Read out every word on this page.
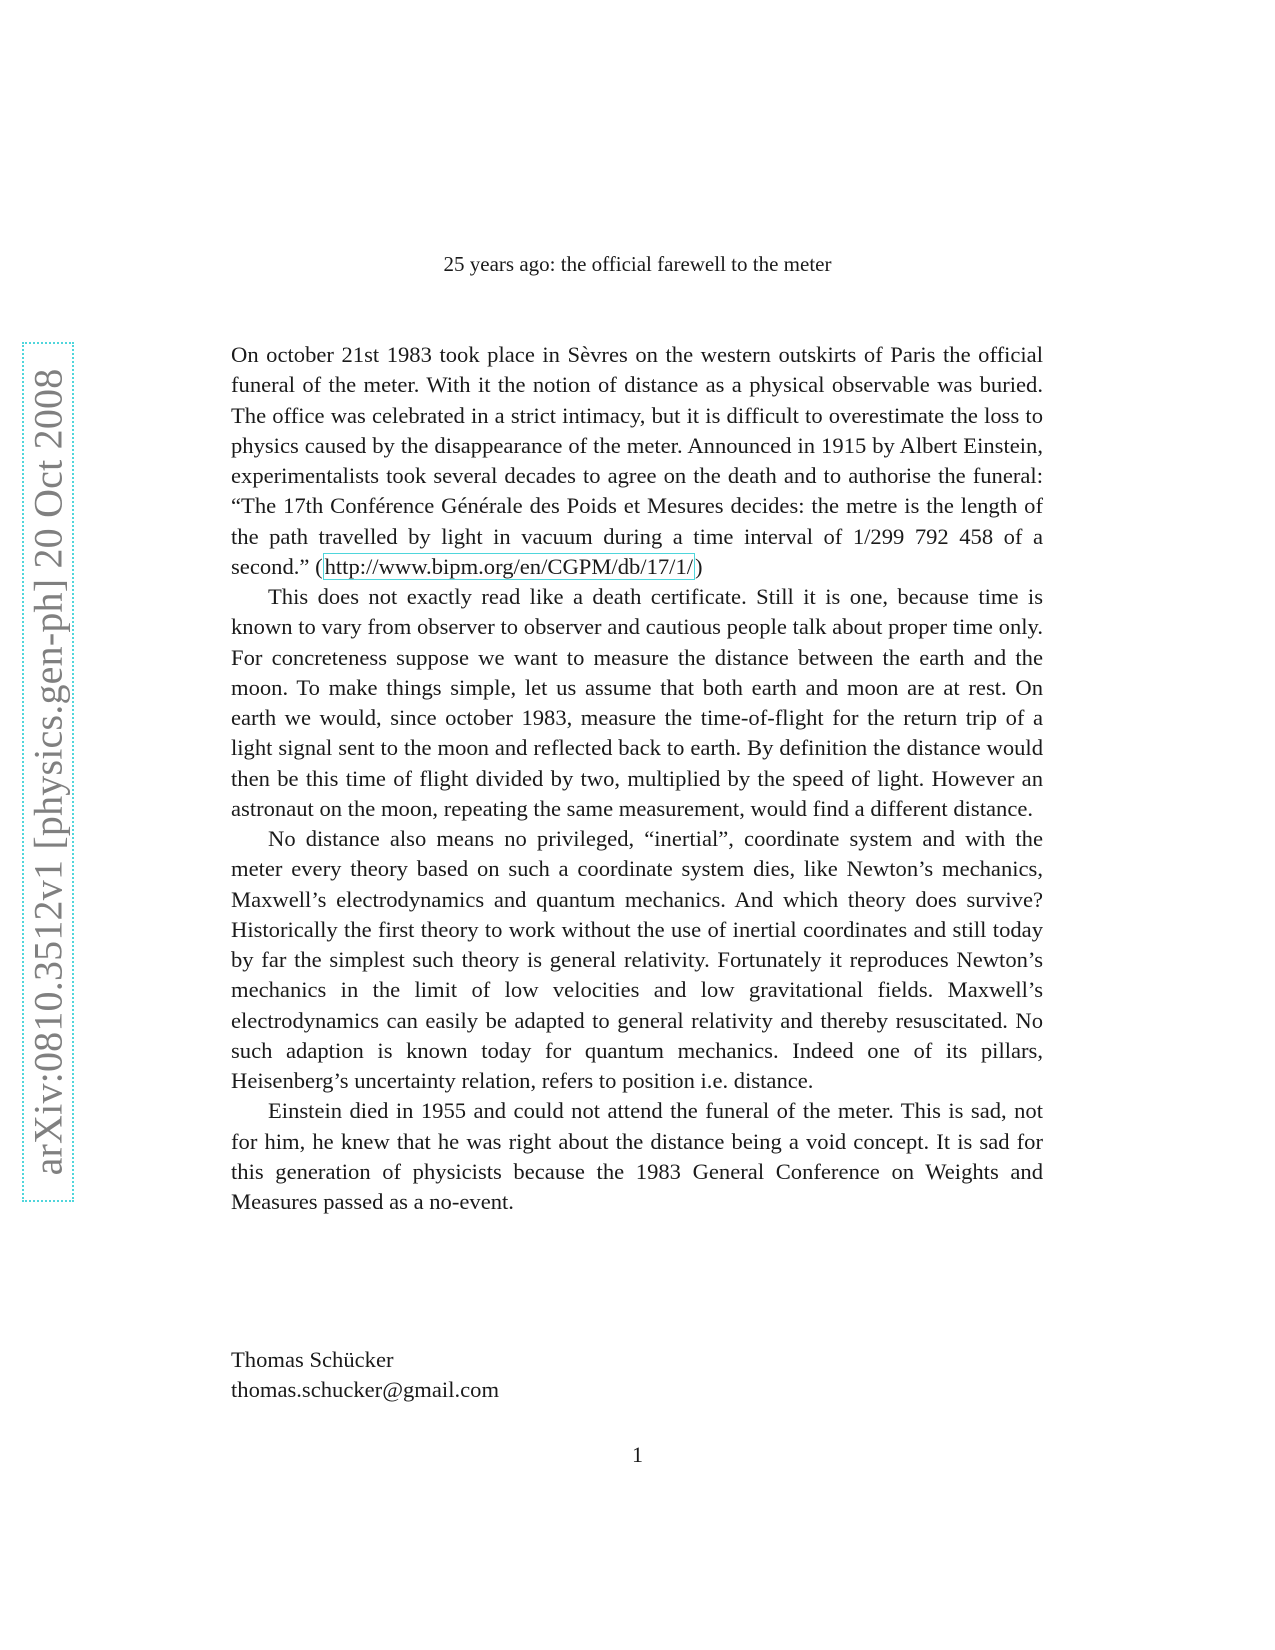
arXiv:0810.3512v1 [physics.gen-ph] 20 Oct 2008
25 years ago: the official farewell to the meter

On october 21st 1983 took place in Sèvres on the western outskirts of Paris the official funeral of the meter. With it the notion of distance as a physical observable was buried. The office was celebrated in a strict intimacy, but it is difficult to overestimate the loss to physics caused by the disappearance of the meter. Announced in 1915 by Albert Einstein, experimentalists took several decades to agree on the death and to authorise the funeral: “The 17th Conférence Générale des Poids et Mesures decides: the metre is the length of the path travelled by light in vacuum during a time interval of 1/299 792 458 of a second.” (http://www.bipm.org/en/CGPM/db/17/1/)

This does not exactly read like a death certificate. Still it is one, because time is known to vary from observer to observer and cautious people talk about proper time only. For concreteness suppose we want to measure the distance between the earth and the moon. To make things simple, let us assume that both earth and moon are at rest. On earth we would, since october 1983, measure the time-of-flight for the return trip of a light signal sent to the moon and reflected back to earth. By definition the distance would then be this time of flight divided by two, multiplied by the speed of light. However an astronaut on the moon, repeating the same measurement, would find a different distance.

No distance also means no privileged, “inertial”, coordinate system and with the meter every theory based on such a coordinate system dies, like Newton’s mechanics, Maxwell’s electrodynamics and quantum mechanics. And which theory does survive? Historically the first theory to work without the use of inertial coordinates and still today by far the simplest such theory is general relativity. Fortunately it reproduces Newton’s mechanics in the limit of low velocities and low gravitational fields. Maxwell’s electrodynamics can easily be adapted to general relativity and thereby resuscitated. No such adaption is known today for quantum mechanics. Indeed one of its pillars, Heisenberg’s uncertainty relation, refers to position i.e. distance.

Einstein died in 1955 and could not attend the funeral of the meter. This is sad, not for him, he knew that he was right about the distance being a void concept. It is sad for this generation of physicists because the 1983 General Conference on Weights and Measures passed as a no-event.

Thomas Schücker
thomas.schucker@gmail.com
1
